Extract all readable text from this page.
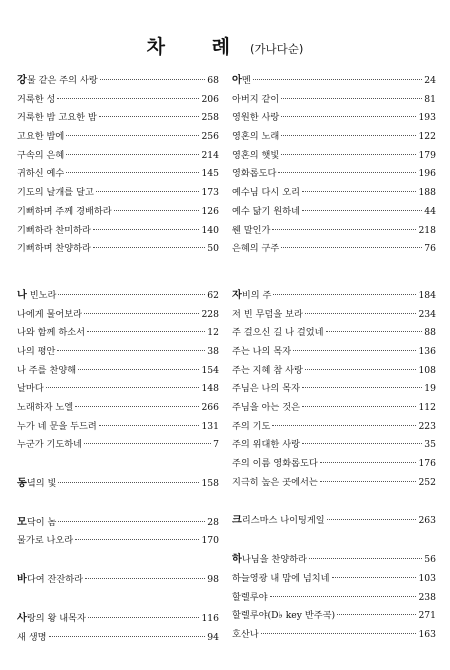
차 례(가나다순)
강물 같은 주의 사랑	68
거룩한 성	206
거룩한 밤 고요한 밤	258
고요한 밤에	256
구속의 은혜	214
귀하신 예수	145
기도의 날개를 달고	173
기뻐하며 주께 경배하라	126
기뻐하라 찬미하라	140
기뻐하며 찬양하라	50
나 빈노라	62
나에게 물어보라	228
나와 함께 하소서	12
나의 평안	38
나 주를 찬양해	154
날마다	148
노래하자 노엘	266
누가 네 문을 두드려	131
누군가 기도하네	7
동녘의 빛	158
모닥이 놈	28
물가로 나오라	170
바다여 잔잔하라	98
사랑의 왕 내목자	116
새 생명	94
아멘	24
아버지 같이	81
영원한 사랑	193
영혼의 노래	122
영혼의 햇빛	179
영화롭도다	196
예수님 다시 오리	188
예수 닮기 원하네	44
웬 말인가	218
은혜의 구주	76
자비의 주	184
저 빈 무덤을 보라	234
주 걸으신 길 나 걸었네	88
주는 나의 목자	136
주는 지혜 참 사랑	108
주님은 나의 목자	19
주님을 아는 것은	112
주의 기도	223
주의 위대한 사랑	35
주의 이름 영화롭도다	176
지극히 높은 곳에서는	252
크리스마스 나이팅게일	263
하나님을 찬양하라	56
하늘영광 내 맘에 넘치네	103
할렐루야	238
할렐루야(D♭ key 반주곡)	271
호산나	163
